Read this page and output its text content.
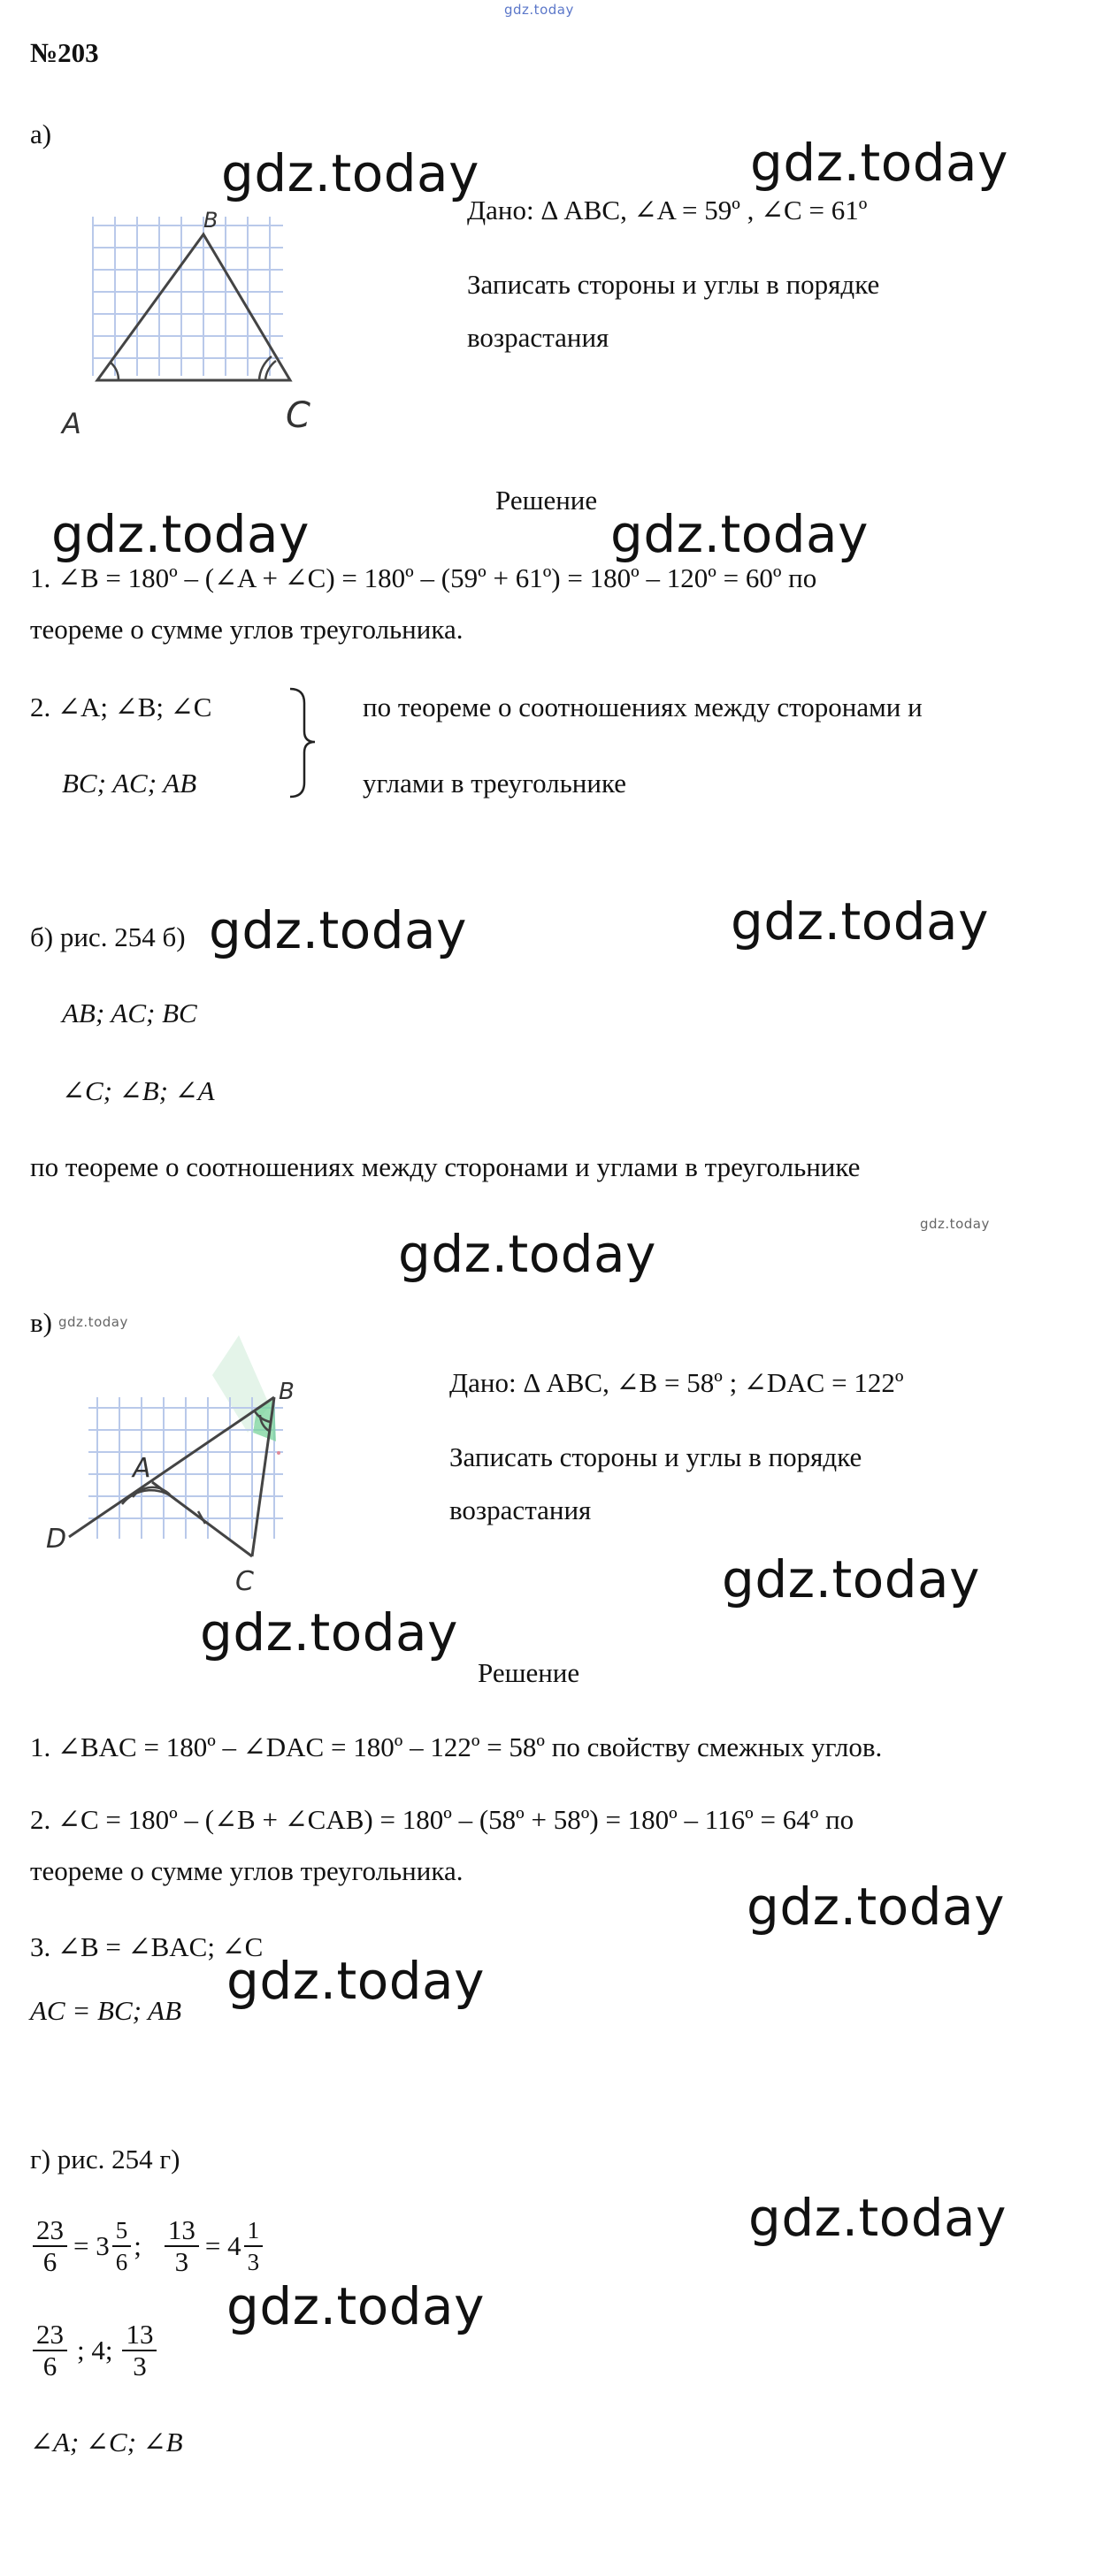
gdz.today
№203
а)
gdz.today	gdz.today
B
A	C
Дано: Δ ABC, ∠A = 59º , ∠C = 61º
Записать стороны и углы в порядке
возрастания
Решение
gdz.today	gdz.today
1. ∠B = 180º – (∠A + ∠C) = 180º – (59º + 61º) = 180º – 120º = 60º по
теореме о сумме углов треугольника.
2. ∠A; ∠B; ∠C
BC; AC; AB
по теореме о соотношениях между сторонами и
углами в треугольнике
б) рис. 254 б) gdz.today	gdz.today
AB; AC; BC
∠C; ∠B; ∠A
по теореме о соотношениях между сторонами и углами в треугольнике
gdz.today
gdz.today
в) gdz.today
B
A
C
D
Дано: Δ ABC, ∠B = 58º ; ∠DAC = 122º
Записать стороны и углы в порядке
возрастания
gdz.today
gdz.today
Решение
1. ∠BAC = 180º – ∠DAC = 180º – 122º = 58º по свойству смежных углов.
2. ∠C = 180º – (∠B + ∠CAB) = 180º – (58º + 58º) = 180º – 116º = 64º по
теореме о сумме углов треугольника.
gdz.today
3. ∠B = ∠BAC; ∠C
gdz.today
AC = BC; AB
г) рис. 254 г)
gdz.today
$\frac{23}{6} = 3 \frac{5}{6}$ ; $\frac{13}{3} = 4 \frac{1}{3}$
gdz.today
$\frac{23}{6}$ ; 4; $\frac{13}{3}$
∠A; ∠C; ∠B
